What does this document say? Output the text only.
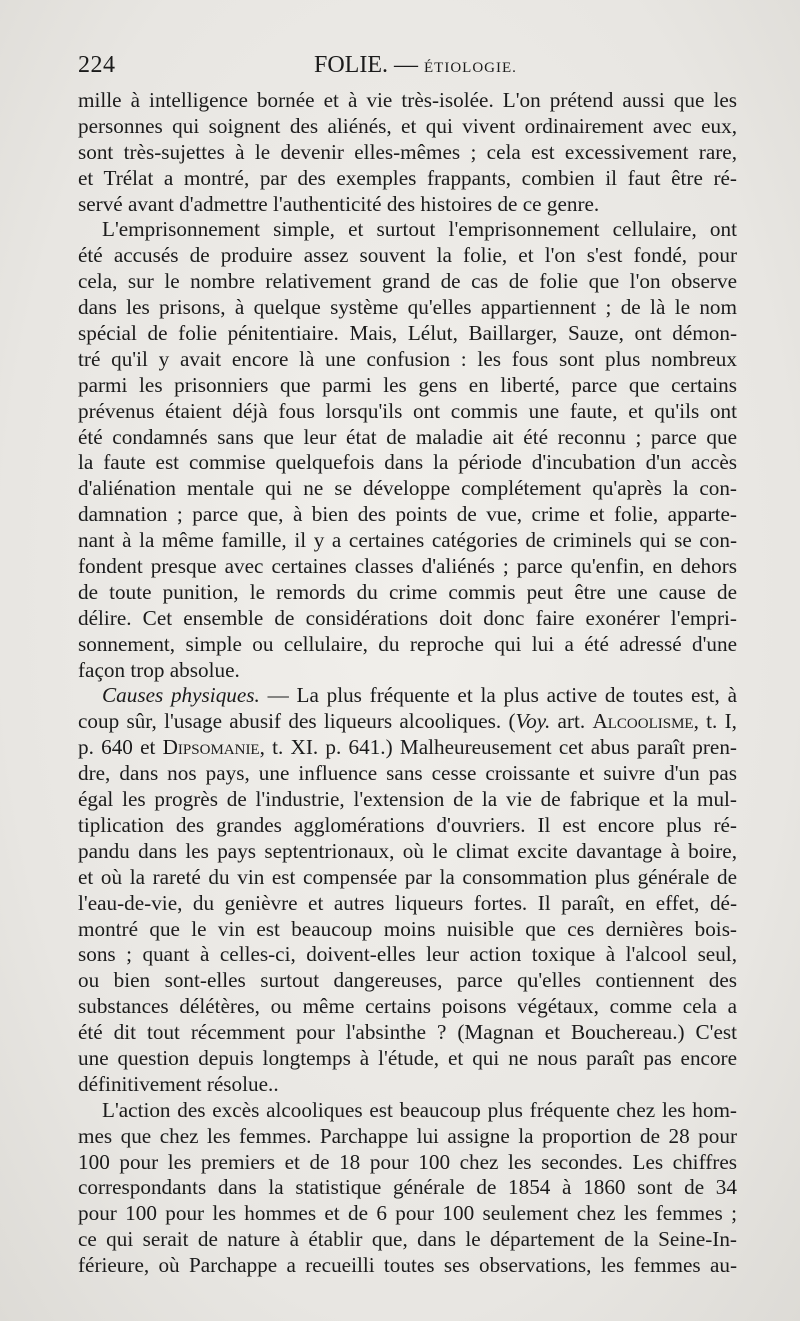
224	FOLIE. — ÉTIOLOGIE.
mille à intelligence bornée et à vie très-isolée. L'on prétend aussi que les
personnes qui soignent des aliénés, et qui vivent ordinairement avec eux,
sont très-sujettes à le devenir elles-mêmes ; cela est excessivement rare,
et Trélat a montré, par des exemples frappants, combien il faut être ré-
servé avant d'admettre l'authenticité des histoires de ce genre.
L'emprisonnement simple, et surtout l'emprisonnement cellulaire, ont
été accusés de produire assez souvent la folie, et l'on s'est fondé, pour
cela, sur le nombre relativement grand de cas de folie que l'on observe
dans les prisons, à quelque système qu'elles appartiennent ; de là le nom
spécial de folie pénitentiaire. Mais, Lélut, Baillarger, Sauze, ont démon-
tré qu'il y avait encore là une confusion : les fous sont plus nombreux
parmi les prisonniers que parmi les gens en liberté, parce que certains
prévenus étaient déjà fous lorsqu'ils ont commis une faute, et qu'ils ont
été condamnés sans que leur état de maladie ait été reconnu ; parce que
la faute est commise quelquefois dans la période d'incubation d'un accès
d'aliénation mentale qui ne se développe complétement qu'après la con-
damnation ; parce que, à bien des points de vue, crime et folie, apparte-
nant à la même famille, il y a certaines catégories de criminels qui se con-
fondent presque avec certaines classes d'aliénés ; parce qu'enfin, en dehors
de toute punition, le remords du crime commis peut être une cause de
délire. Cet ensemble de considérations doit donc faire exonérer l'empri-
sonnement, simple ou cellulaire, du reproche qui lui a été adressé d'une
façon trop absolue.
Causes physiques. — La plus fréquente et la plus active de toutes est, à
coup sûr, l'usage abusif des liqueurs alcooliques. (Voy. art. Alcoolisme, t. I,
p. 640 et Dipsomanie, t. XI. p. 641.) Malheureusement cet abus paraît pren-
dre, dans nos pays, une influence sans cesse croissante et suivre d'un pas
égal les progrès de l'industrie, l'extension de la vie de fabrique et la mul-
tiplication des grandes agglomérations d'ouvriers. Il est encore plus ré-
pandu dans les pays septentrionaux, où le climat excite davantage à boire,
et où la rareté du vin est compensée par la consommation plus générale de
l'eau-de-vie, du genièvre et autres liqueurs fortes. Il paraît, en effet, dé-
montré que le vin est beaucoup moins nuisible que ces dernières bois-
sons ; quant à celles-ci, doivent-elles leur action toxique à l'alcool seul,
ou bien sont-elles surtout dangereuses, parce qu'elles contiennent des
substances délétères, ou même certains poisons végétaux, comme cela a
été dit tout récemment pour l'absinthe ? (Magnan et Bouchereau.) C'est
une question depuis longtemps à l'étude, et qui ne nous paraît pas encore
définitivement résolue..
L'action des excès alcooliques est beaucoup plus fréquente chez les hom-
mes que chez les femmes. Parchappe lui assigne la proportion de 28 pour
100 pour les premiers et de 18 pour 100 chez les secondes. Les chiffres
correspondants dans la statistique générale de 1854 à 1860 sont de 34
pour 100 pour les hommes et de 6 pour 100 seulement chez les femmes ;
ce qui serait de nature à établir que, dans le département de la Seine-In-
férieure, où Parchappe a recueilli toutes ses observations, les femmes au-
